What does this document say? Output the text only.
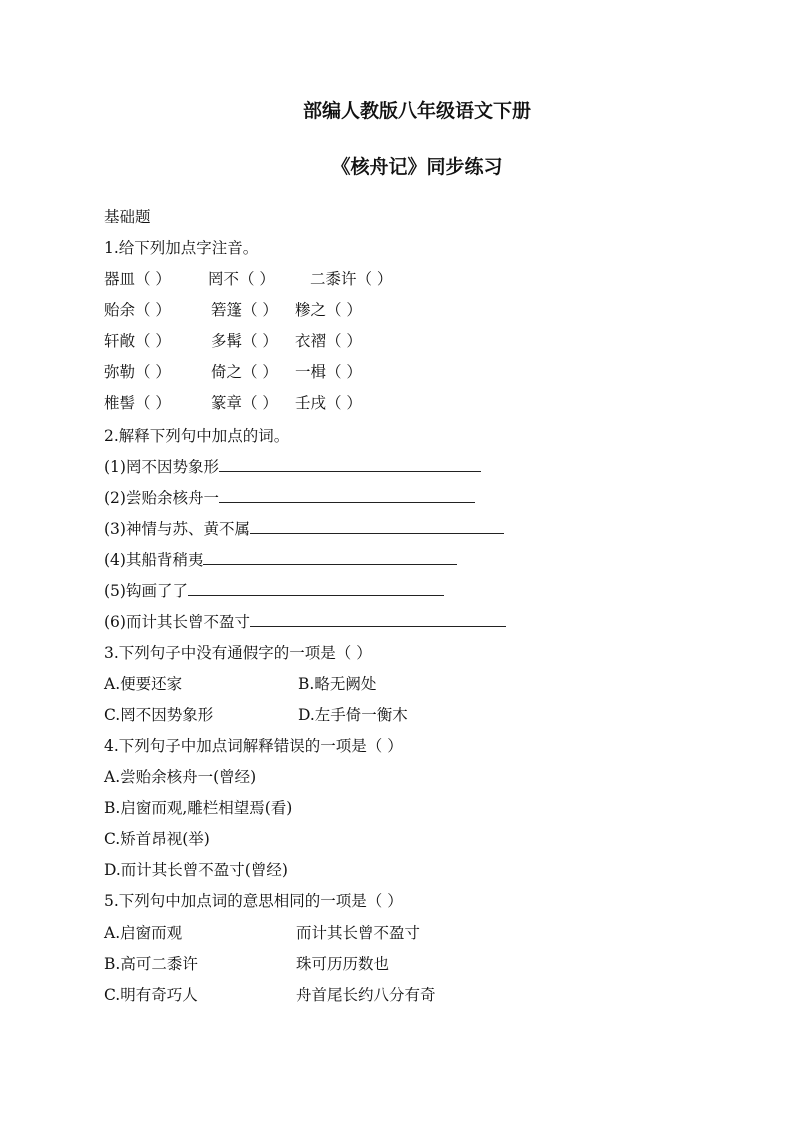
部编人教版八年级语文下册
《核舟记》同步练习
基础题
1.给下列加点字注音。
器皿（ ） 罔不（ ） 二黍许（ ）
贻余（ ）	箬篷（ ） 糁之（ ）
轩敞（ ）	多髯（ ） 衣褶（ ）
弥勒（ ）	倚之（ ） 一楫（ ）
椎髻（ ）	篆章（ ） 壬戌（ ）
2.解释下列句中加点的词。
(1)罔不因势象形
(2)尝贻余核舟一
(3)神情与苏、黄不属
(4)其船背稍夷
(5)钩画了了
(6)而计其长曾不盈寸
3.下列句子中没有通假字的一项是（ ）
A.便要还家	B.略无阙处
C.罔不因势象形	D.左手倚一衡木
4.下列句子中加点词解释错误的一项是（ ）
A.尝贻余核舟一(曾经)
B.启窗而观,雕栏相望焉(看)
C.矫首昂视(举)
D.而计其长曾不盈寸(曾经)
5.下列句中加点词的意思相同的一项是（ ）
A.启窗而观	而计其长曾不盈寸
B.高可二黍许	珠可历历数也
C.明有奇巧人	舟首尾长约八分有奇
